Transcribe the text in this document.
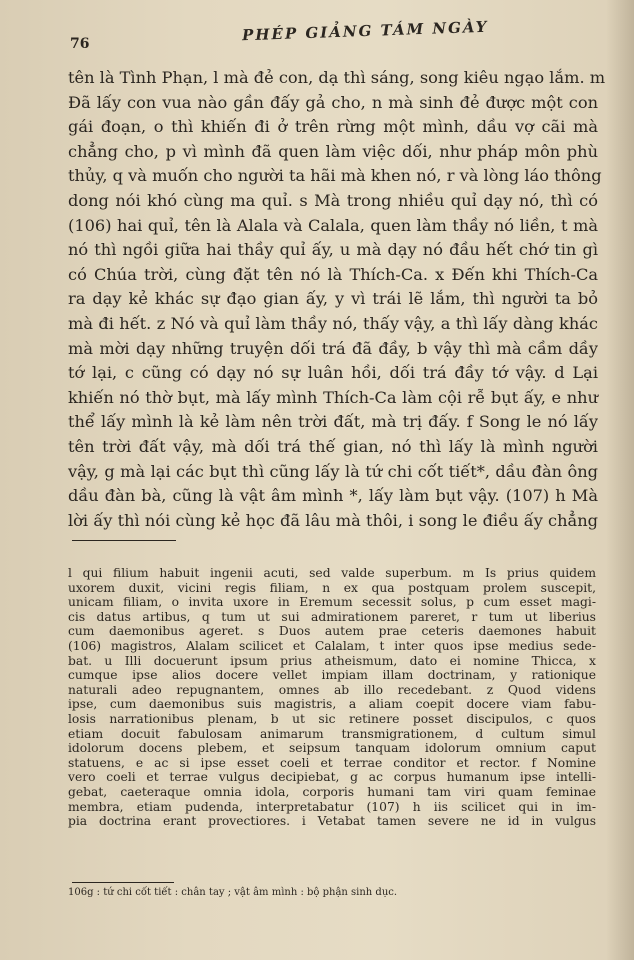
76	PHÉP GIẢNG TÁM NGÀY

tên là Tình Phạn, l mà đẻ con, dạ thì sáng, song kiêu ngạo lắm. m

Đã lấy con vua nào gần đấy gả cho, n mà sinh đẻ được một con

gái đoạn, o thì khiến đi ở trên rừng một mình, dầu vợ cãi mà

chẳng cho, p vì mình đã quen làm việc dối, như pháp môn phù

thủy, q và muốn cho người ta hãi mà khen nó, r và lòng láo thông

dong nói khó cùng ma quỉ. s Mà trong nhiều quỉ dạy nó, thì có

(106) hai quỉ, tên là Alala và Calala, quen làm thầy nó liền, t mà

nó thì ngồi giữa hai thầy quỉ ấy, u mà dạy nó đầu hết chớ tin gì

có Chúa trời, cùng đặt tên nó là Thích-Ca. x Đến khi Thích-Ca

ra dạy kẻ khác sự đạo gian ấy, y vì trái lẽ lắm, thì người ta bỏ

mà đi hết. z Nó và quỉ làm thầy nó, thấy vậy, a thì lấy dàng khác

mà mời dạy những truyện dối trá đã đầy, b vậy thì mà cầm dầy

tớ lại, c cũng có dạy nó sự luân hồi, dối trá đầy tớ vậy. d Lại

khiến nó thờ bụt, mà lấy mình Thích-Ca làm cội rễ bụt ấy, e như

thể lấy mình là kẻ làm nên trời đất, mà trị đấy. f Song le nó lấy

tên trời đất vậy, mà dối trá thế gian, nó thì lấy là mình người

vậy, g mà lại các bụt thì cũng lấy là tứ chi cốt tiết*, dầu đàn ông

dầu đàn bà, cũng là vật âm mình *, lấy làm bụt vậy. (107) h Mà

lời ấy thì nói cùng kẻ học đã lâu mà thôi, i song le điều ấy chẳng

l qui filium habuit ingenii acuti, sed valde superbum. m Is prius quidem

uxorem duxit, vicini regis filiam, n ex qua postquam prolem suscepit,

unicam filiam, o invita uxore in Eremum secessit solus, p cum esset magi-

cis datus artibus, q tum ut sui admirationem pareret, r tum ut liberius

cum daemonibus ageret. s Duos autem prae ceteris daemones habuit

(106) magistros, Alalam scilicet et Calalam, t inter quos ipse medius sede-

bat. u Illi docuerunt ipsum prius atheismum, dato ei nomine Thicca, x

cumque ipse alios docere vellet impiam illam doctrinam, y rationique

naturali adeo repugnantem, omnes ab illo recedebant. z Quod videns

ipse, cum daemonibus suis magistris, a aliam coepit docere viam fabu-

losis narrationibus plenam, b ut sic retinere posset discipulos, c quos

etiam docuit fabulosam animarum transmigrationem, d cultum simul

idolorum docens plebem, et seipsum tanquam idolorum omnium caput

statuens, e ac si ipse esset coeli et terrae conditor et rector. f Nomine

vero coeli et terrae vulgus decipiebat, g ac corpus humanum ipse intelli-

gebat, caeteraque omnia idola, corporis humani tam viri quam feminae

membra, etiam pudenda, interpretabatur (107) h iis scilicet qui in im-

pia doctrina erant provectiores. i Vetabat tamen severe ne id in vulgus

106g : tứ chi cốt tiết : chân tay ; vật âm mình : bộ phận sinh dục.
